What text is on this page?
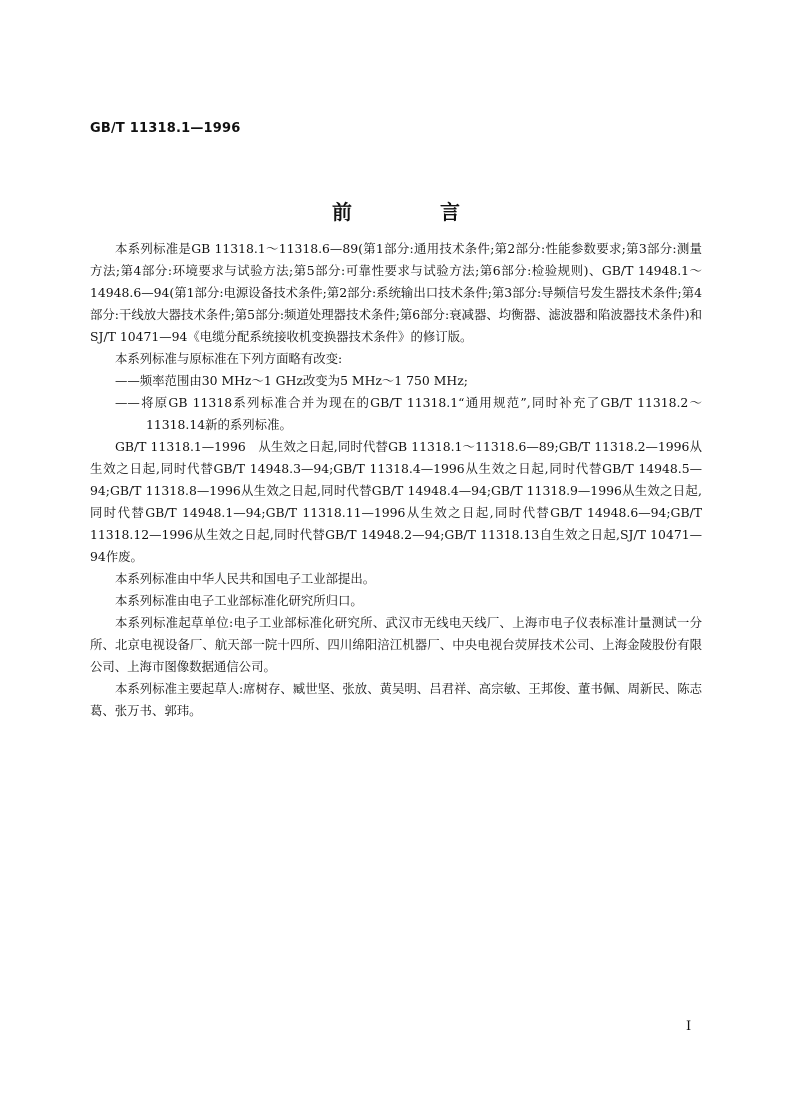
GB/T 11318.1—1996
前　言

本系列标准是GB 11318.1～11318.6—89(第1部分:通用技术条件;第2部分:性能参数要求;第3部分:测量方法;第4部分:环境要求与试验方法;第5部分:可靠性要求与试验方法;第6部分:检验规则)、GB/T 14948.1～14948.6—94(第1部分:电源设备技术条件;第2部分:系统输出口技术条件;第3部分:导频信号发生器技术条件;第4部分:干线放大器技术条件;第5部分:频道处理器技术条件;第6部分:衰减器、均衡器、滤波器和陷波器技术条件)和SJ/T 10471—94《电缆分配系统接收机变换器技术条件》的修订版。

本系列标准与原标准在下列方面略有改变:

——频率范围由30 MHz～1 GHz改变为5 MHz～1 750 MHz;

——将原GB 11318系列标准合并为现在的GB/T 11318.1“通用规范”,同时补充了GB/T 11318.2～11318.14新的系列标准。

GB/T 11318.1—1996　从生效之日起,同时代替GB 11318.1～11318.6—89;GB/T 11318.2—1996从生效之日起,同时代替GB/T 14948.3—94;GB/T 11318.4—1996从生效之日起,同时代替GB/T 14948.5—94;GB/T 11318.8—1996从生效之日起,同时代替GB/T 14948.4—94;GB/T 11318.9—1996从生效之日起,同时代替GB/T 14948.1—94;GB/T 11318.11—1996从生效之日起,同时代替GB/T 14948.6—94;GB/T 11318.12—1996从生效之日起,同时代替GB/T 14948.2—94;GB/T 11318.13自生效之日起,SJ/T 10471—94作废。

本系列标准由中华人民共和国电子工业部提出。

本系列标准由电子工业部标准化研究所归口。

本系列标准起草单位:电子工业部标准化研究所、武汉市无线电天线厂、上海市电子仪表标准计量测试一分所、北京电视设备厂、航天部一院十四所、四川绵阳涪江机器厂、中央电视台荧屏技术公司、上海金陵股份有限公司、上海市图像数据通信公司。

本系列标准主要起草人:席树存、臧世坚、张放、黄吴明、吕君祥、高宗敏、王邦俊、董书佩、周新民、陈志葛、张万书、郭玮。

I
